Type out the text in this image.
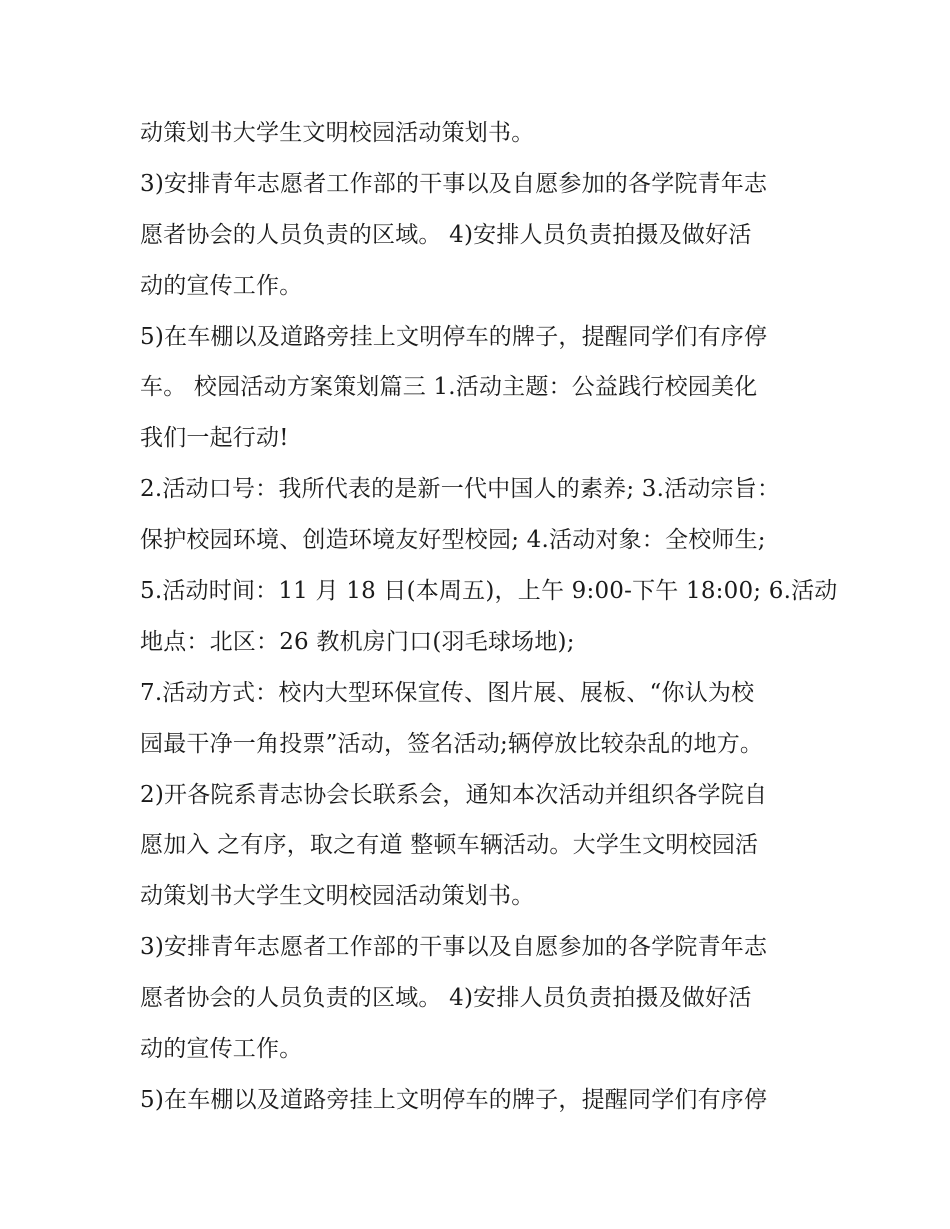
动策划书大学生文明校园活动策划书。
3)安排青年志愿者工作部的干事以及自愿参加的各学院青年志
愿者协会的人员负责的区域。 4)安排人员负责拍摄及做好活
动的宣传工作。
5)在车棚以及道路旁挂上文明停车的牌子，提醒同学们有序停
车。 校园活动方案策划篇三 1.活动主题：公益践行校园美化
我们一起行动!
2.活动口号：我所代表的是新一代中国人的素养; 3.活动宗旨：
保护校园环境、创造环境友好型校园; 4.活动对象：全校师生;
5.活动时间：11 月 18 日(本周五)，上午 9:00-下午 18:00; 6.活动
地点：北区：26 教机房门口(羽毛球场地);
7.活动方式：校内大型环保宣传、图片展、展板、“你认为校
园最干净一角投票”活动，签名活动;辆停放比较杂乱的地方。
2)开各院系青志协会长联系会，通知本次活动并组织各学院自
愿加入 之有序，取之有道 整顿车辆活动。大学生文明校园活
动策划书大学生文明校园活动策划书。
3)安排青年志愿者工作部的干事以及自愿参加的各学院青年志
愿者协会的人员负责的区域。 4)安排人员负责拍摄及做好活
动的宣传工作。
5)在车棚以及道路旁挂上文明停车的牌子，提醒同学们有序停
